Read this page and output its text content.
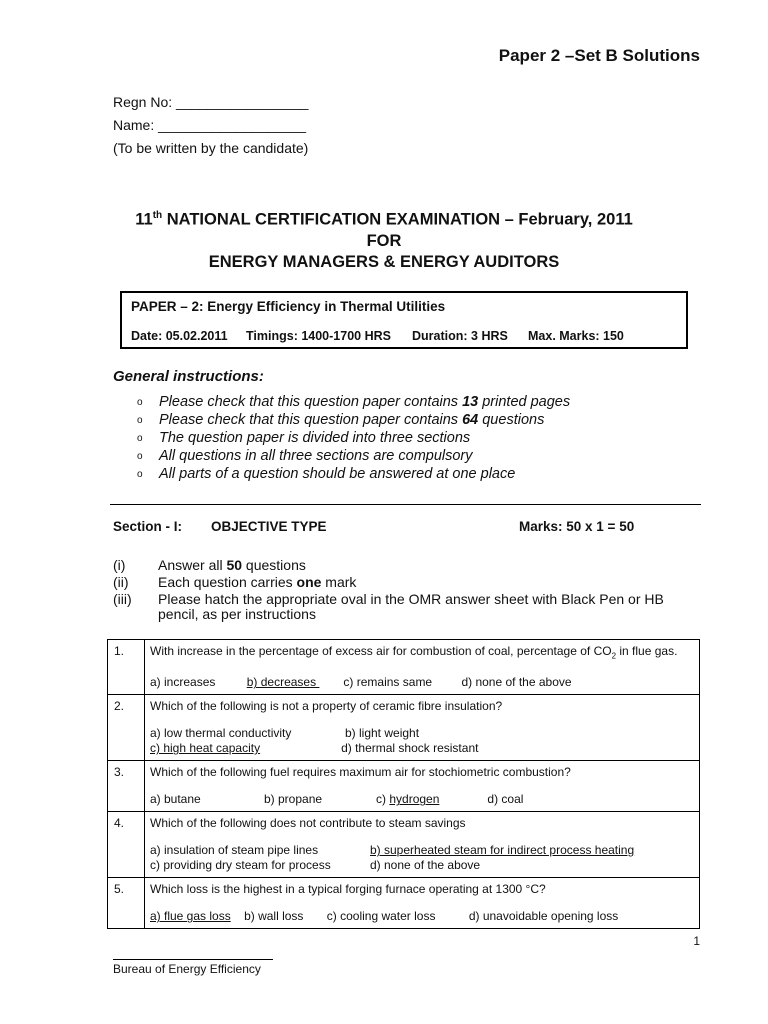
Paper 2 –Set B Solutions
Regn No: _________________
Name: ___________________
(To be written by the candidate)
11th NATIONAL CERTIFICATION EXAMINATION – February, 2011
FOR
ENERGY MANAGERS & ENERGY AUDITORS
PAPER – 2: Energy Efficiency in Thermal Utilities
Date: 05.02.2011 Timings: 1400-1700 HRS Duration: 3 HRS Max. Marks: 150
General instructions:
o Please check that this question paper contains 13 printed pages
o Please check that this question paper contains 64 questions
o The question paper is divided into three sections
o All questions in all three sections are compulsory
o All parts of a question should be answered at one place
Section - I: OBJECTIVE TYPE	Marks: 50 x 1 = 50
(i) Answer all 50 questions
(ii) Each question carries one mark
(iii) Please hatch the appropriate oval in the OMR answer sheet with Black Pen or HB
pencil, as per instructions
1.	With increase in the percentage of excess air for combustion of coal, percentage of $CO_2$ in flue gas.
a) increases b) decreases c) remains same d) none of the above

2.	Which of the following is not a property of ceramic fibre insulation?
a) low thermal conductivity b) light weight
c) high heat capacity d) thermal shock resistant

3.	Which of the following fuel requires maximum air for stochiometric combustion?
a) butane b) propane c) hydrogen d) coal

4.	Which of the following does not contribute to steam savings
a) insulation of steam pipe lines b) superheated steam for indirect process heating
c) providing dry steam for process d) none of the above

5.	Which loss is the highest in a typical forging furnace operating at 1300 °C?
a) flue gas loss b) wall loss c) cooling water loss d) unavoidable opening loss
1
Bureau of Energy Efficiency
